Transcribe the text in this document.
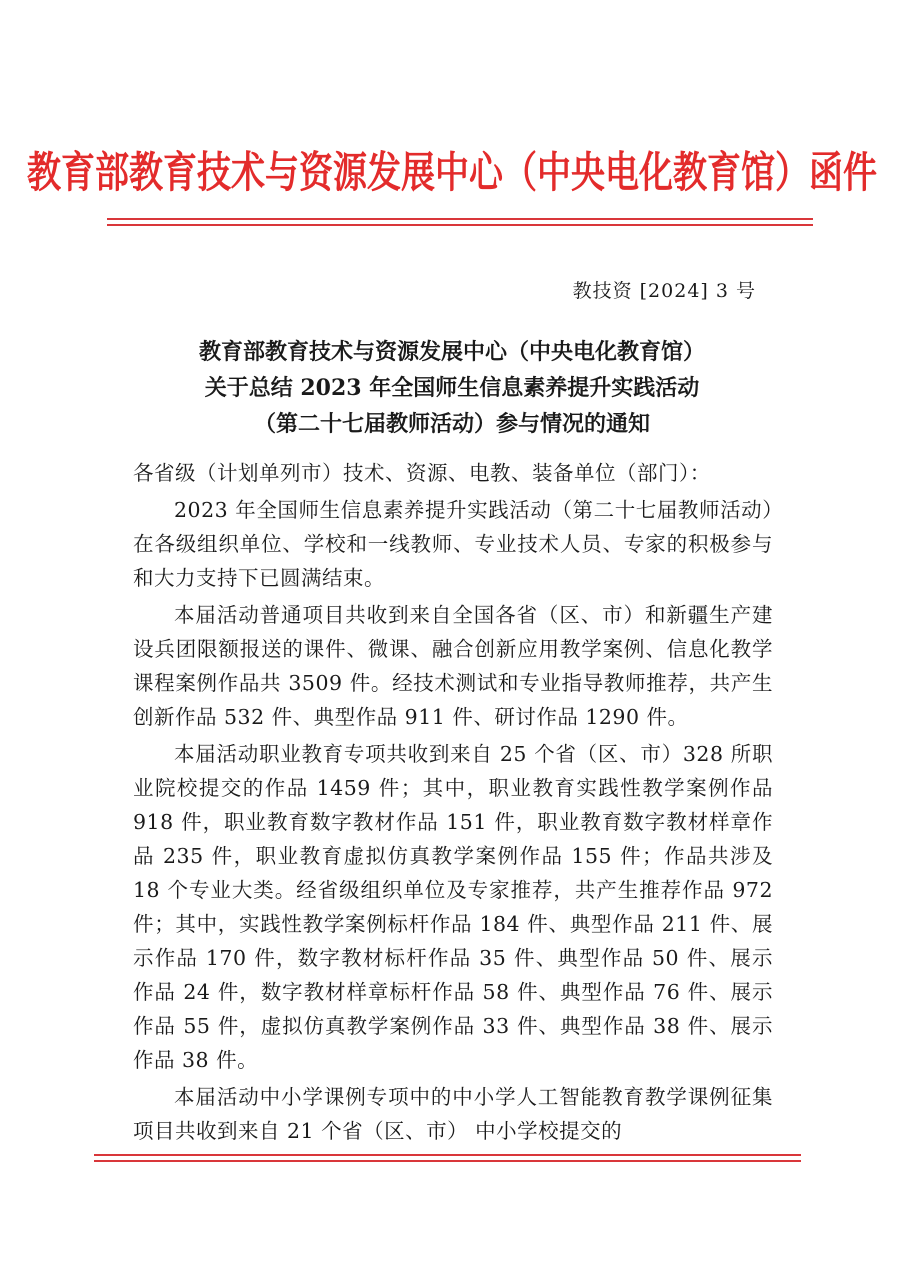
教育部教育技术与资源发展中心（中央电化教育馆）函件
教技资 [2024] 3 号
教育部教育技术与资源发展中心（中央电化教育馆）
关于总结 2023 年全国师生信息素养提升实践活动
（第二十七届教师活动）参与情况的通知

各省级（计划单列市）技术、资源、电教、装备单位（部门）：

2023 年全国师生信息素养提升实践活动（第二十七届教师活动）在各级组织单位、学校和一线教师、专业技术人员、专家的积极参与和大力支持下已圆满结束。

本届活动普通项目共收到来自全国各省（区、市）和新疆生产建设兵团限额报送的课件、微课、融合创新应用教学案例、信息化教学课程案例作品共 3509 件。经技术测试和专业指导教师推荐，共产生创新作品 532 件、典型作品 911 件、研讨作品 1290 件。

本届活动职业教育专项共收到来自 25 个省（区、市）328 所职业院校提交的作品 1459 件；其中，职业教育实践性教学案例作品 918 件，职业教育数字教材作品 151 件，职业教育数字教材样章作品 235 件，职业教育虚拟仿真教学案例作品 155 件；作品共涉及 18 个专业大类。经省级组织单位及专家推荐，共产生推荐作品 972 件；其中，实践性教学案例标杆作品 184 件、典型作品 211 件、展示作品 170 件，数字教材标杆作品 35 件、典型作品 50 件、展示作品 24 件，数字教材样章标杆作品 58 件、典型作品 76 件、展示作品 55 件，虚拟仿真教学案例作品 33 件、典型作品 38 件、展示作品 38 件。

本届活动中小学课例专项中的中小学人工智能教育教学课例征集项目共收到来自 21 个省（区、市） 中小学校提交的
